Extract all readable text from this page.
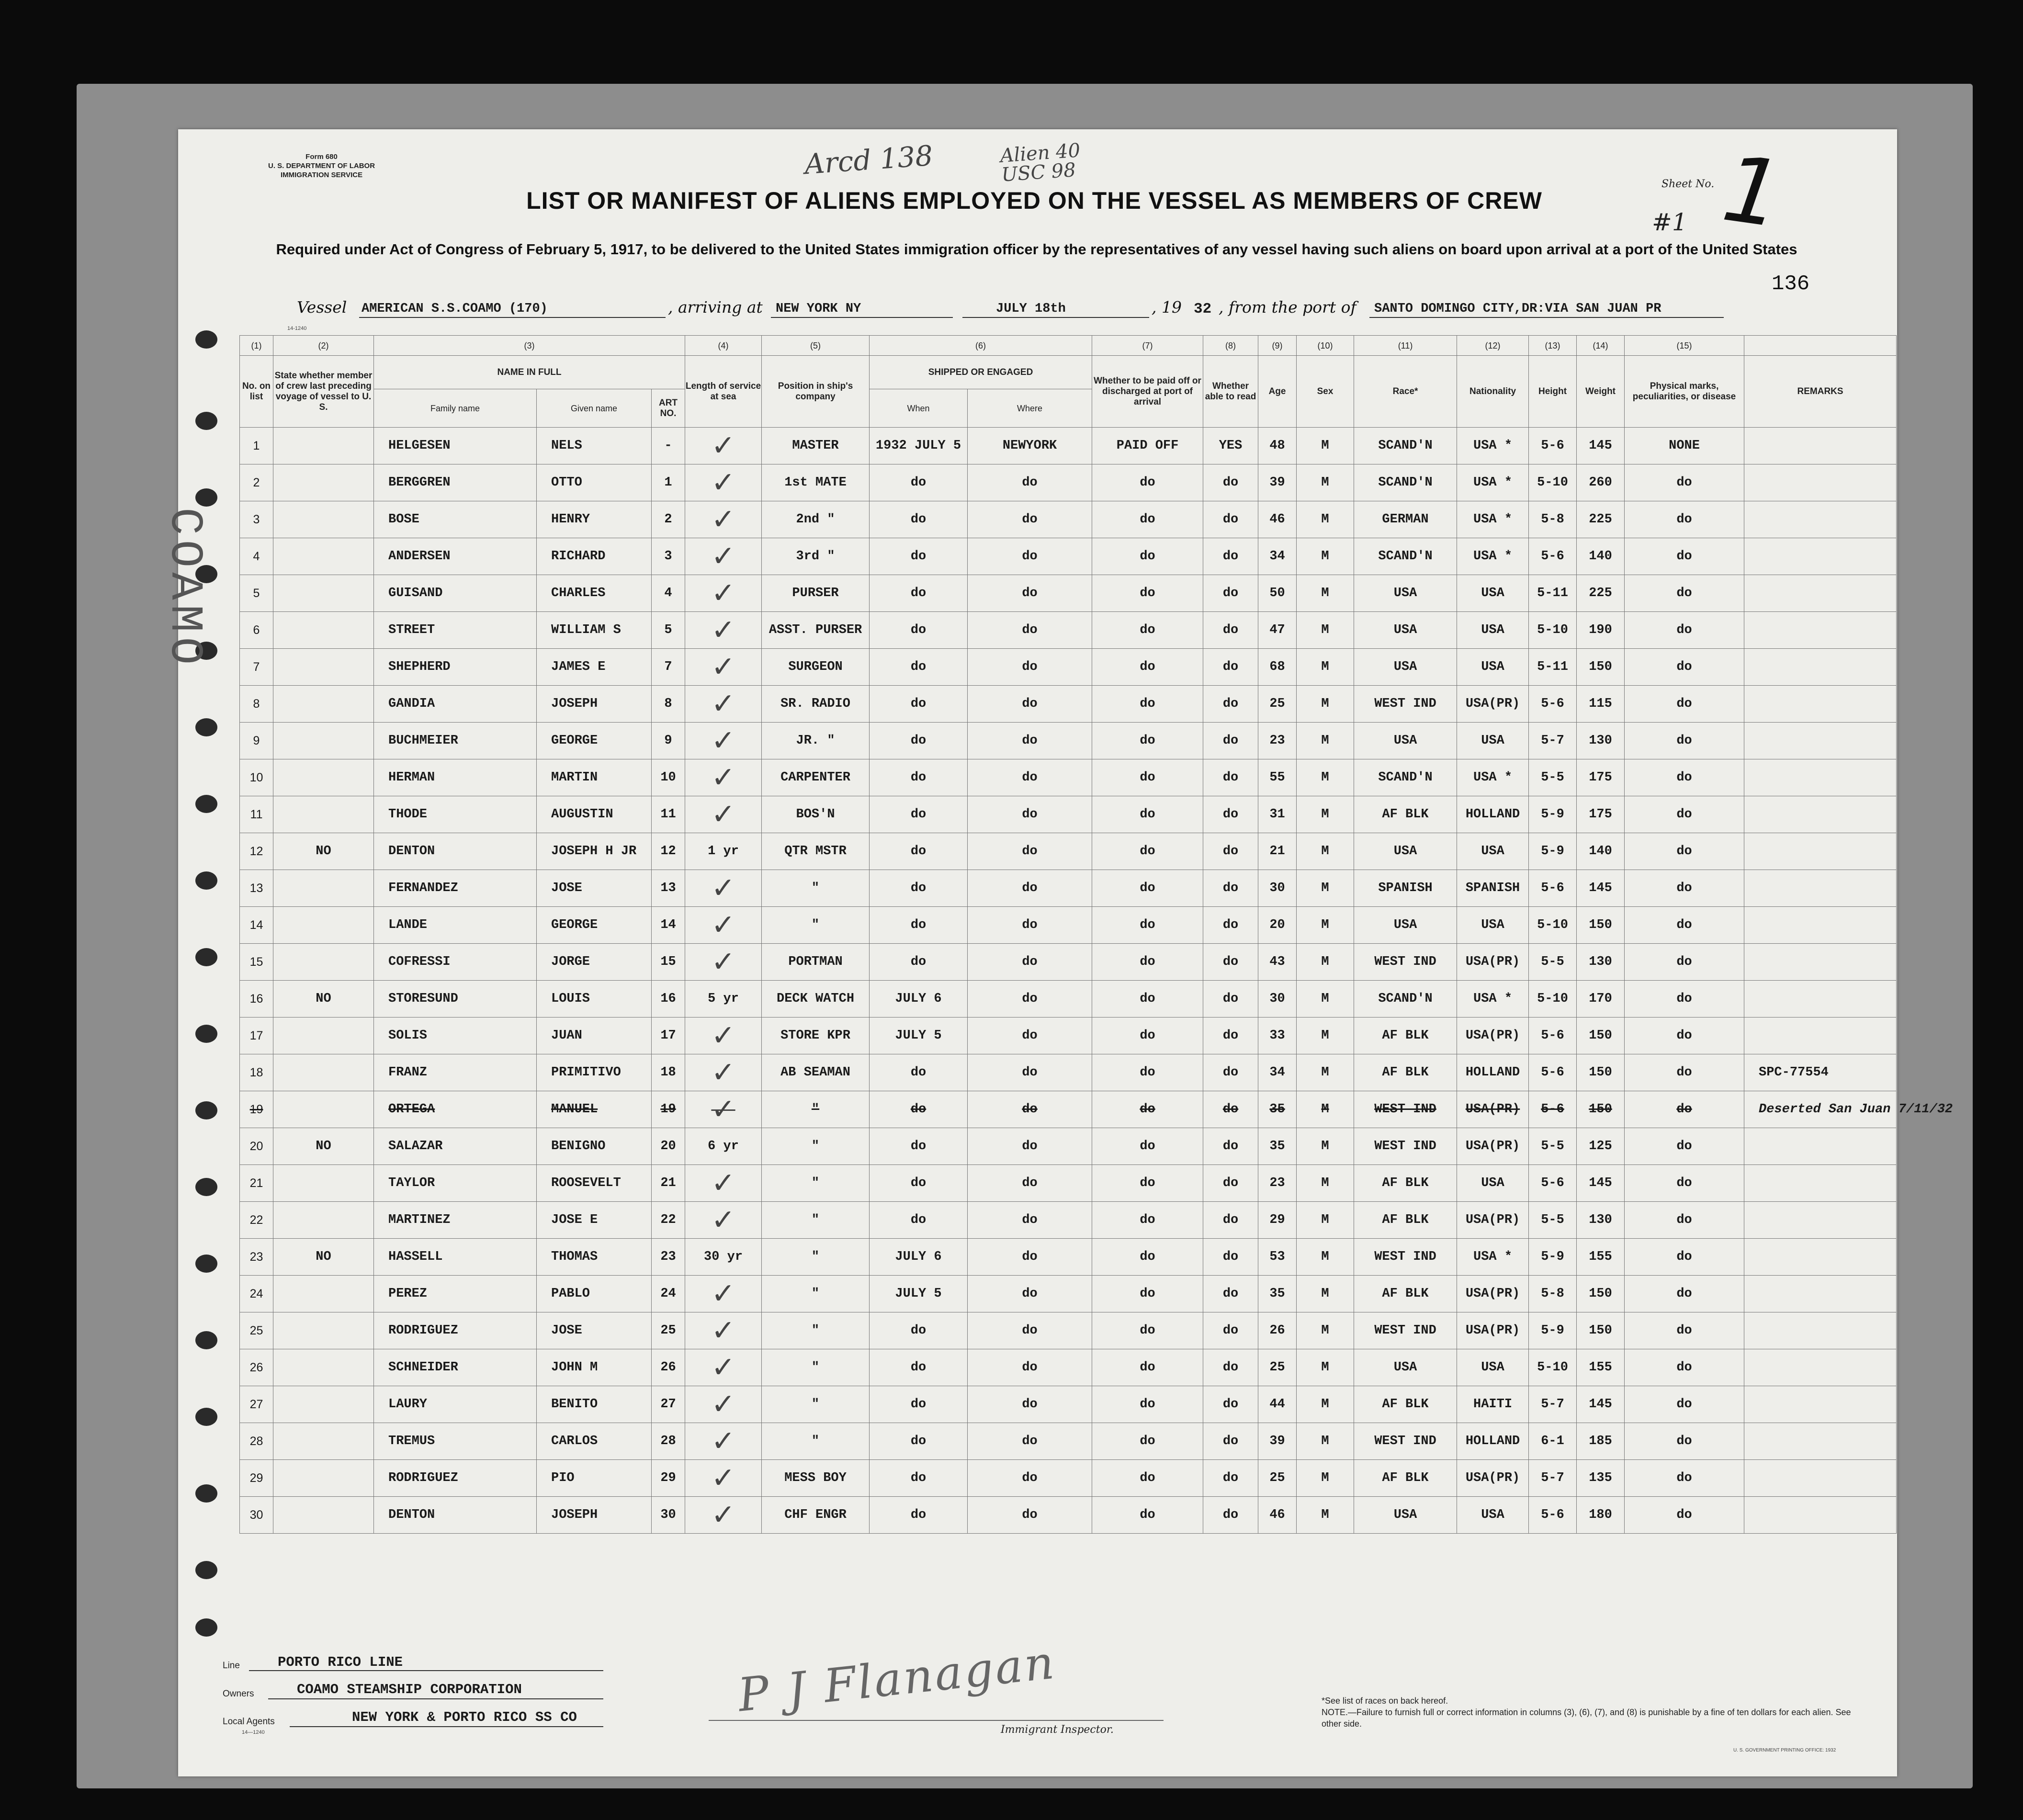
COAMO
Form 680
U. S. DEPARTMENT OF LABOR
IMMIGRATION SERVICE	Arcd 138	Alien 40
USC 98	Sheet No. 1
#1
136
LIST OR MANIFEST OF ALIENS EMPLOYED ON THE VESSEL AS MEMBERS OF CREW
Required under Act of Congress of February 5, 1917, to be delivered to the United States immigration officer by the representatives of any vessel having such aliens on board upon arrival at a port of the United States
Vessel AMERICAN S.S.COAMO (170)	, arriving at NEW YORK NY	JULY 18th	, 19 32 , from the port of SANTO DOMINGO CITY,DR:VIA SAN JUAN PR
14-1240
(1)	(2)	(3)			(4)	(5)	(6)		(7)	(8)	(9)	(10)	(11)	(12)	(13)	(14)	(15)	
No. on list	State whether member of crew last preceding voyage of vessel to U. S.	NAME IN FULL			Length of service at sea	Position in ship's company	SHIPPED OR ENGAGED		Whether to be paid off or discharged at port of arrival	Whether able to read	Age	Sex	Race*	Nationality	Height	Weight	Physical marks, peculiarities, or disease	REMARKS
		Family name	Given name	ART NO.			When	Where										
1		HELGESEN	NELS	-	✓	MASTER	1932 JULY 5	NEWYORK	PAID OFF	YES	48	M	SCAND'N	USA *	5-6	145	NONE	
2		BERGGREN	OTTO	1	✓	1st MATE	do	do	do	do	39	M	SCAND'N	USA *	5-10	260	do	
3		BOSE	HENRY	2	✓	2nd "	do	do	do	do	46	M	GERMAN	USA *	5-8	225	do	
4		ANDERSEN	RICHARD	3	✓	3rd "	do	do	do	do	34	M	SCAND'N	USA *	5-6	140	do	
5		GUISAND	CHARLES	4	✓	PURSER	do	do	do	do	50	M	USA	USA	5-11	225	do	
6		STREET	WILLIAM S	5	✓	ASST. PURSER	do	do	do	do	47	M	USA	USA	5-10	190	do	
7		SHEPHERD	JAMES E	7	✓	SURGEON	do	do	do	do	68	M	USA	USA	5-11	150	do	
8		GANDIA	JOSEPH	8	✓	SR. RADIO	do	do	do	do	25	M	WEST IND	USA(PR)	5-6	115	do	
9		BUCHMEIER	GEORGE	9	✓	JR. "	do	do	do	do	23	M	USA	USA	5-7	130	do	
10		HERMAN	MARTIN	10	✓	CARPENTER	do	do	do	do	55	M	SCAND'N	USA *	5-5	175	do	
11		THODE	AUGUSTIN	11	✓	BOS'N	do	do	do	do	31	M	AF BLK	HOLLAND	5-9	175	do	
12	NO	DENTON	JOSEPH H JR	12	1 yr	QTR MSTR	do	do	do	do	21	M	USA	USA	5-9	140	do	
13		FERNANDEZ	JOSE	13	✓	"	do	do	do	do	30	M	SPANISH	SPANISH	5-6	145	do	
14		LANDE	GEORGE	14	✓	"	do	do	do	do	20	M	USA	USA	5-10	150	do	
15		COFRESSI	JORGE	15	✓	PORTMAN	do	do	do	do	43	M	WEST IND	USA(PR)	5-5	130	do	
16	NO	STORESUND	LOUIS	16	5 yr	DECK WATCH	JULY 6	do	do	do	30	M	SCAND'N	USA *	5-10	170	do	
17		SOLIS	JUAN	17	✓	STORE KPR	JULY 5	do	do	do	33	M	AF BLK	USA(PR)	5-6	150	do	
18		FRANZ	PRIMITIVO	18	✓	AB SEAMAN	do	do	do	do	34	M	AF BLK	HOLLAND	5-6	150	do	SPC-77554
19		ORTEGA	MANUEL	19	✓	"	do	do	do	do	35	M	WEST IND	USA(PR)	5-6	150	do	Deserted San Juan 7/11/32
20	NO	SALAZAR	BENIGNO	20	6 yr	"	do	do	do	do	35	M	WEST IND	USA(PR)	5-5	125	do	
21		TAYLOR	ROOSEVELT	21	✓	"	do	do	do	do	23	M	AF BLK	USA	5-6	145	do	
22		MARTINEZ	JOSE E	22	✓	"	do	do	do	do	29	M	AF BLK	USA(PR)	5-5	130	do	
23	NO	HASSELL	THOMAS	23	30 yr	"	JULY 6	do	do	do	53	M	WEST IND	USA *	5-9	155	do	
24		PEREZ	PABLO	24	✓	"	JULY 5	do	do	do	35	M	AF BLK	USA(PR)	5-8	150	do	
25		RODRIGUEZ	JOSE	25	✓	"	do	do	do	do	26	M	WEST IND	USA(PR)	5-9	150	do	
26		SCHNEIDER	JOHN M	26	✓	"	do	do	do	do	25	M	USA	USA	5-10	155	do	
27		LAURY	BENITO	27	✓	"	do	do	do	do	44	M	AF BLK	HAITI	5-7	145	do	
28		TREMUS	CARLOS	28	✓	"	do	do	do	do	39	M	WEST IND	HOLLAND	6-1	185	do	
29		RODRIGUEZ	PIO	29	✓	MESS BOY	do	do	do	do	25	M	AF BLK	USA(PR)	5-7	135	do	
30		DENTON	JOSEPH	30	✓	CHF ENGR	do	do	do	do	46	M	USA	USA	5-6	180	do	
Line	PORTO RICO LINE
Owners	COAMO STEAMSHIP CORPORATION
Local Agents	NEW YORK & PORTO RICO SS CO
14—1240
P J Flanagan
Immigrant Inspector.
*See list of races on back hereof.
NOTE.—Failure to furnish full or correct information in columns (3), (6), (7), and (8) is punishable by a fine of ten dollars for each alien. See other side.
U. S. GOVERNMENT PRINTING OFFICE: 1932
